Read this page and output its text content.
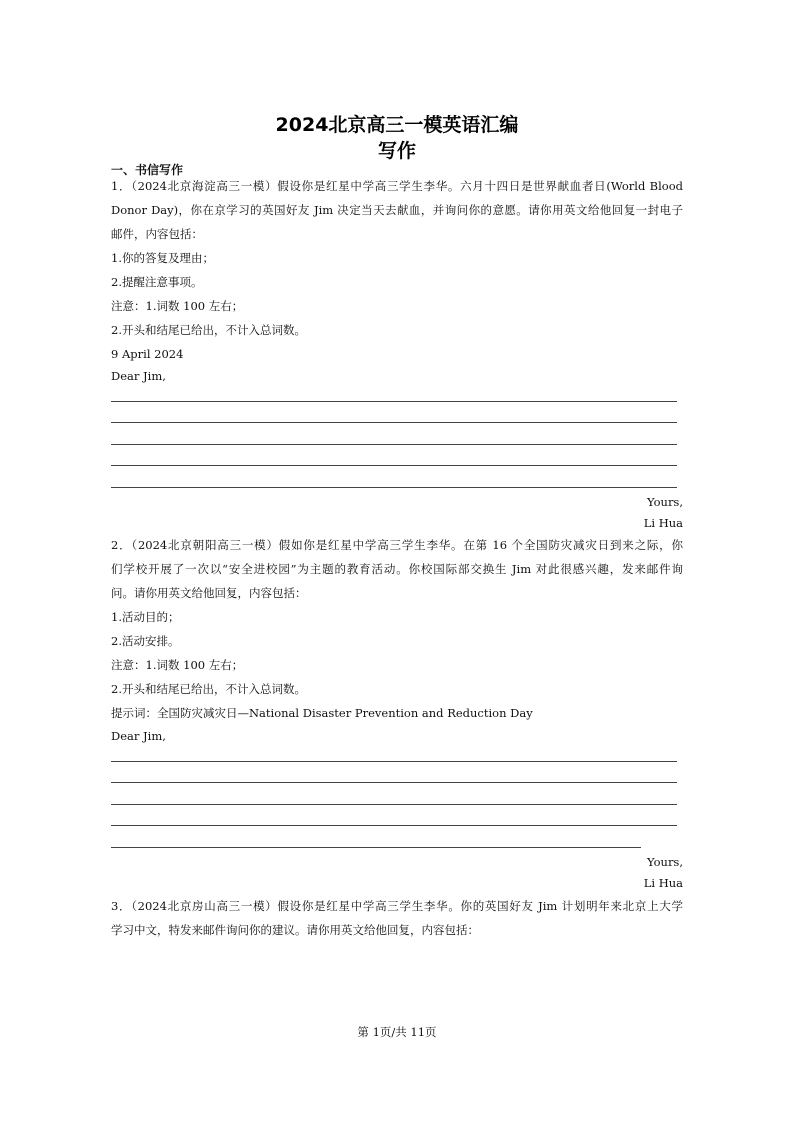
2024北京高三一模英语汇编
写作
一、书信写作
1．（2024北京海淀高三一模）假设你是红星中学高三学生李华。六月十四日是世界献血者日(World Blood
Donor Day)，你在京学习的英国好友 Jim 决定当天去献血，并询问你的意愿。请你用英文给他回复一封电子
邮件，内容包括：
1.你的答复及理由；
2.提醒注意事项。
注意：1.词数 100 左右；
2.开头和结尾已给出，不计入总词数。
9 April 2024
Dear Jim,
Yours,
Li Hua
2．（2024北京朝阳高三一模）假如你是红星中学高三学生李华。在第 16 个全国防灾减灾日到来之际，你
们学校开展了一次以“安全进校园”为主题的教育活动。你校国际部交换生 Jim 对此很感兴趣，发来邮件询
问。请你用英文给他回复，内容包括：
1.活动目的；
2.活动安排。
注意：1.词数 100 左右；
2.开头和结尾已给出，不计入总词数。
提示词：全国防灾减灾日—National Disaster Prevention and Reduction Day
Dear Jim,
Yours,
Li Hua
3．（2024北京房山高三一模）假设你是红星中学高三学生李华。你的英国好友 Jim 计划明年来北京上大学
学习中文，特发来邮件询问你的建议。请你用英文给他回复，内容包括：
第 1页/共 11页
